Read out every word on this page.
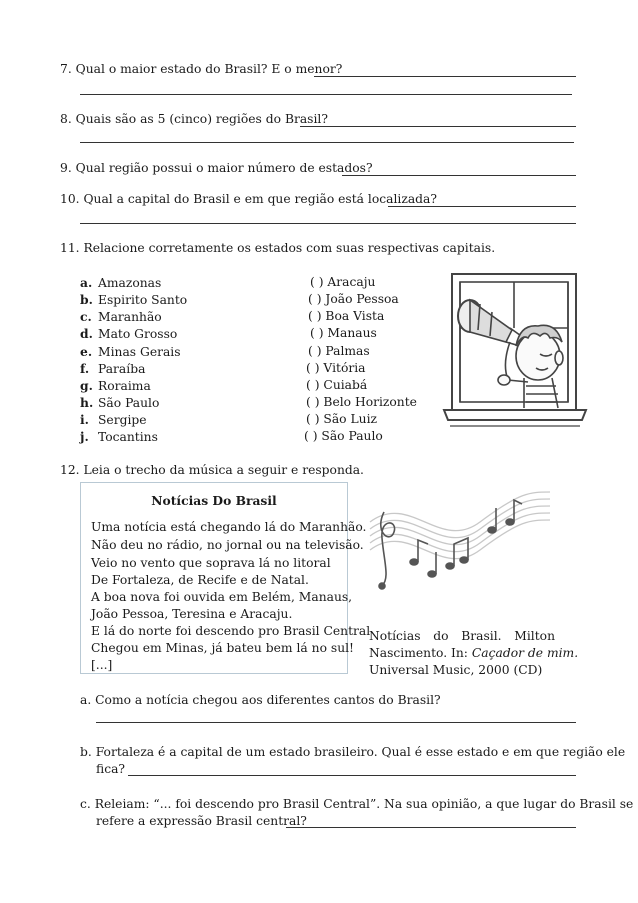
7. Qual o maior estado do Brasil? E o menor?
8. Quais são as 5 (cinco) regiões do Brasil?
9. Qual região possui o maior número de estados?
10. Qual a capital do Brasil e em que região está localizada?
11. Relacione corretamente os estados com suas respectivas capitais.
a. Amazonas
b. Espirito Santo
c. Maranhão
d. Mato Grosso
e. Minas Gerais
f. Paraíba
g. Roraima
h. São Paulo
i. Sergipe
j. Tocantins
( ) Aracaju
( ) João Pessoa
( ) Boa Vista
( ) Manaus
( ) Palmas
( ) Vitória
( ) Cuiabá
( ) Belo Horizonte
( ) São Luiz
( ) São Paulo
12. Leia o trecho da música a seguir e responda.
Notícias Do Brasil
Uma notícia está chegando lá do Maranhão.
Não deu no rádio, no jornal ou na televisão.
Veio no vento que soprava lá no litoral
De Fortaleza, de Recife e de Natal.
A boa nova foi ouvida em Belém, Manaus,
João Pessoa, Teresina e Aracaju.
E lá do norte foi descendo pro Brasil Central
Chegou em Minas, já bateu bem lá no sul!
[...]
Notícias do Brasil. Milton
Nascimento. In: Caçador de mim.
Universal Music, 2000 (CD)
a. Como a notícia chegou aos diferentes cantos do Brasil?
b. Fortaleza é a capital de um estado brasileiro. Qual é esse estado e em que região ele
fica?
c. Releiam: “... foi descendo pro Brasil Central”. Na sua opinião, a que lugar do Brasil se
refere a expressão Brasil central?
